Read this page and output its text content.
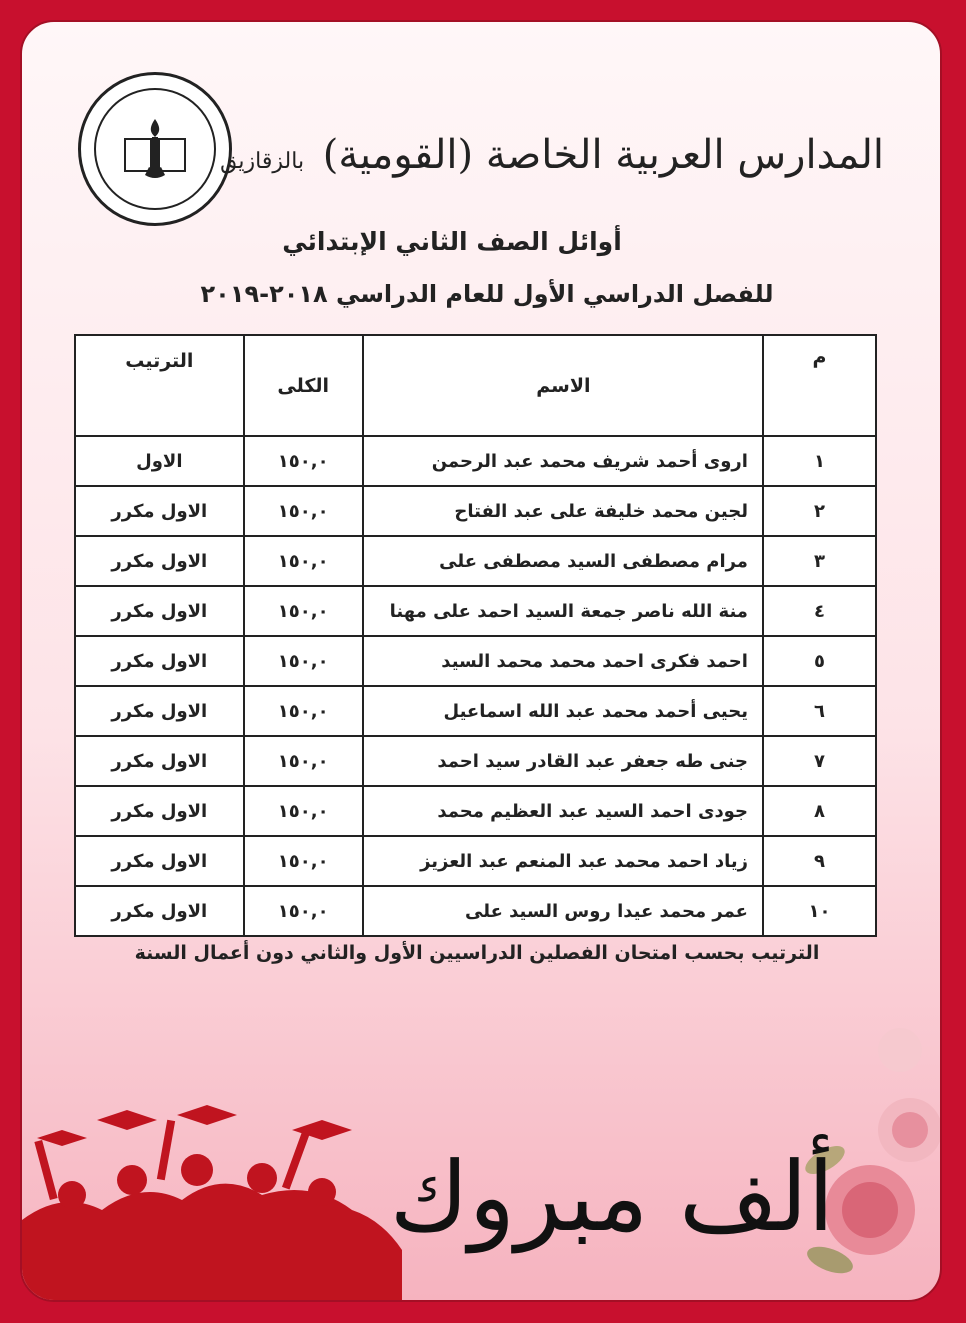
المدارس العربية الخاصة (القومية) بالزقازيق
أوائل الصف الثاني الإبتدائي
للفصل الدراسي الأول للعام الدراسي ٢٠١٨-٢٠١٩
م	الاسم	الكلى	الترتيب
١	اروى أحمد شريف محمد عبد الرحمن	١٥٠,٠	الاول
٢	لجين محمد خليفة على عبد الفتاح	١٥٠,٠	الاول مكرر
٣	مرام مصطفى السيد مصطفى على	١٥٠,٠	الاول مكرر
٤	منة الله ناصر جمعة السيد احمد على مهنا	١٥٠,٠	الاول مكرر
٥	احمد فكرى احمد محمد محمد السيد	١٥٠,٠	الاول مكرر
٦	يحيى أحمد محمد عبد الله اسماعيل	١٥٠,٠	الاول مكرر
٧	جنى طه جعفر عبد القادر سيد احمد	١٥٠,٠	الاول مكرر
٨	جودى احمد السيد عبد العظيم محمد	١٥٠,٠	الاول مكرر
٩	زياد احمد محمد عبد المنعم عبد العزيز	١٥٠,٠	الاول مكرر
١٠	عمر محمد عيدا روس السيد على	١٥٠,٠	الاول مكرر
الترتيب بحسب امتحان الفصلين الدراسيين الأول والثاني دون أعمال السنة
ألف مبروك
